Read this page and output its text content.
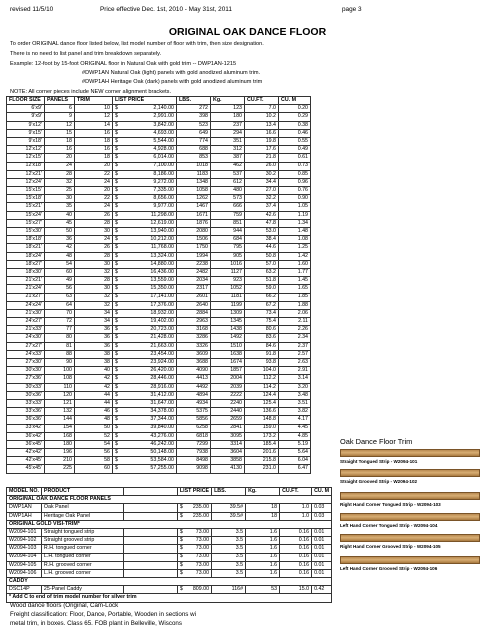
revised 11/5/10	Price effective Dec. 1st, 2010 - May 31st, 2011	page 3
ORIGINAL OAK DANCE FLOOR
To order ORIGINAL dance floor listed below, list model number of floor with trim, then size designation.
There is no need to list panel and trim breakdown separately.
Example: 12-foot by 15-foot ORIGINAL floor in Natural Oak with gold trim -- DWP1AN-1215
#DWP1AN Natural Oak (light) panels with gold anodized aluminum trim.
#DWP1AH Heritage Oak (dark) panels with gold anodized aluminum trim
NOTE: All corner pieces include NEW corner alignment brackets.
FLOOR SIZE	PANELS	TRIM	LIST PRICE	LBS.	Kg.	CU.FT.	CU. M
6'x9'	6	10	$ 2,140.00	272	123	7.0	0.20
9'x9'	9	12	$ 2,991.00	398	180	10.2	0.29
9'x12'	12	14	$ 3,842.00	523	237	13.4	0.38
9'x15'	15	16	$ 4,693.00	649	294	16.6	0.46
9'x18'	18	18	$ 5,544.00	774	351	19.8	0.55
12'x12'	16	16	$ 4,928.00	688	312	17.6	0.49
12'x15'	20	18	$ 6,014.00	853	387	21.8	0.61
12'x18'	24	20	$ 7,100.00	1018	462	26.0	0.73
12'x21'	28	22	$ 8,186.00	1183	537	30.2	0.85
12'x24'	32	24	$ 9,272.00	1348	612	34.4	0.96
15'x15'	25	20	$ 7,335.00	1058	480	27.0	0.76
15'x18'	30	22	$ 8,656.00	1262	573	32.2	0.90
15'x21'	35	24	$ 9,977.00	1467	666	37.4	1.05
15'x24'	40	26	$ 11,298.00	1671	759	42.6	1.19
15'x27'	45	28	$ 12,619.00	1876	851	47.8	1.34
15'x30'	50	30	$ 13,940.00	2080	944	53.0	1.48
18'x18'	36	24	$ 10,212.00	1506	684	38.4	1.08
18'x21'	42	26	$ 11,768.00	1750	795	44.6	1.25
18'x24'	48	28	$ 13,324.00	1994	905	50.8	1.42
18'x27'	54	30	$ 14,880.00	2238	1016	57.0	1.60
18'x30'	60	32	$ 16,436.00	2482	1127	63.2	1.77
21'x21'	49	28	$ 13,559.00	2034	923	51.8	1.45
21'x24'	56	30	$ 15,350.00	2317	1052	59.0	1.65
21'x27'	63	32	$ 17,141.00	2601	1181	66.2	1.85
24'x24'	64	32	$ 17,376.00	2640	1199	67.2	1.88
21'x30'	70	34	$ 18,932.00	2884	1309	73.4	2.06
24'x27'	72	34	$ 19,402.00	2963	1345	75.4	2.11
21'x33'	77	36	$ 20,723.00	3168	1438	80.6	2.26
24'x30'	80	36	$ 21,428.00	3286	1492	83.6	2.34
27'x27'	81	36	$ 21,663.00	3326	1510	84.6	2.37
24'x33'	88	38	$ 23,454.00	3609	1638	91.8	2.57
27'x30'	90	38	$ 23,924.00	3688	1674	93.8	2.63
30'x30'	100	40	$ 26,420.00	4090	1857	104.0	2.91
27'x36'	108	42	$ 28,446.00	4413	2004	112.2	3.14
30'x33'	110	42	$ 28,916.00	4492	2039	114.2	3.20
30'x36'	120	44	$ 31,412.00	4894	2222	124.4	3.48
33'x33'	121	44	$ 31,647.00	4934	2240	125.4	3.51
33'x36'	132	46	$ 34,378.00	5375	2440	136.6	3.82
36'x36'	144	48	$ 37,344.00	5856	2659	148.8	4.17
33'x42'	154	50	$ 39,840.00	6258	2841	159.0	4.45
36'x42'	168	52	$ 43,276.00	6818	3095	173.2	4.85
36'x45'	180	54	$ 46,242.00	7299	3314	185.4	5.19
42'x42'	196	56	$ 50,148.00	7938	3604	201.6	5.64
42'x45'	210	58	$ 53,584.00	8498	3858	215.8	6.04
45'x45'	225	60	$ 57,255.00	9098	4130	231.0	6.47
MODEL NO.	PRODUCT		LIST PRICE	LBS.	Kg.	CU.FT.	CU. M
ORIGINAL OAK DANCE FLOOR PANELS							
DWP1AN	Oak Panel		$ 235.00	39.5#	18	1.0	0.03
DWP1AH	Heritage Oak Panel		$ 235.00	39.5#	18	1.0	0.03
ORIGINAL GOLD VISI-TRIM*							
W2094-101	Straight tongued strip		$ 73.00	3.5	1.6	0.16	0.01
W2094-102	Straight grooved strip		$ 73.00	3.5	1.6	0.16	0.01
W2094-103	R.H. tongued corner		$ 73.00	3.5	1.6	0.16	0.01
W2094-104	L.H. tongued corner		$ 73.00	3.5	1.6	0.16	0.01
W2094-105	R.H. grooved corner		$ 73.00	3.5	1.6	0.16	0.01
W2094-106	L.H. grooved corner		$ 73.00	3.5	1.6	0.16	0.01
CADDY							
DSC14P	25-Panel Caddy		$ 809.00	116#	53	15.0	0.42
* Add C to end of trim model number for silver trim							
Wood dance floors (Original, Cam-Lock
Freight classification: Floor, Dance, Portable, Wooden in sections wi
metal trim, in boxes. Class 65. FOB plant in Belleville, Wiscons
Oak Dance Floor Trim
Straight Tongued Strip - W2094-101
Straight Grooved Strip - W2094-102
Right Hand Corner Tongued Strip - W2094-103
Left Hand Corner Tongued Strip - W2094-104
Right Hand Corner Grooved Strip - W2094-105
Left Hand Corner Grooved Strip - W2094-106
